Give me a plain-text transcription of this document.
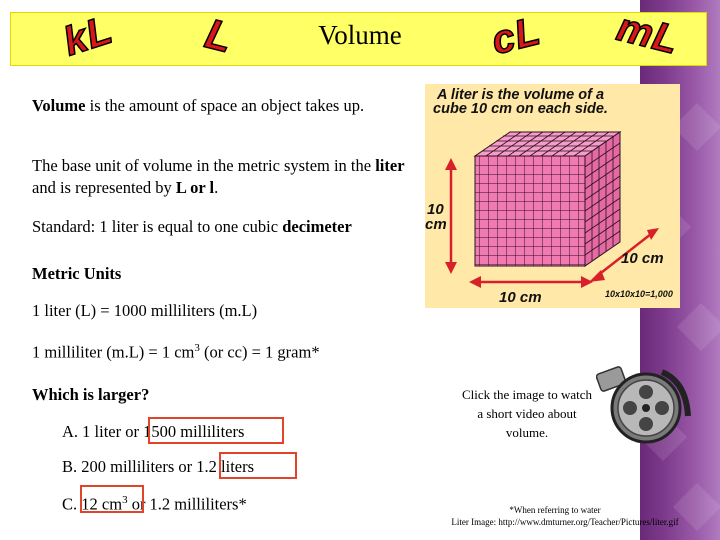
Volume
kL L	cL mL
Volume is the amount of space an object takes up.
The base unit of volume in the metric system in the liter and is represented by L or l.
Standard: 1 liter is equal to one cubic decimeter
A liter is the volume of a cube 10 cm on each side.
10
cm
10 cm
10 cm	10x10x10=1,000
Metric Units
1 liter (L) = 1000 milliliters (m.L)
1 milliliter (m.L) = 1 $cm^3$ (or cc) = 1 gram*
Which is larger?
A. 1 liter or 1500 milliliters
B. 200 milliliters or 1.2 liters
C. 12 $cm^3$ or 1.2 milliliters*
Click the image to watch a short video about volume.
*When referring to water
Liter Image: http://www.dmturner.org/Teacher/Pictures/liter.gif
